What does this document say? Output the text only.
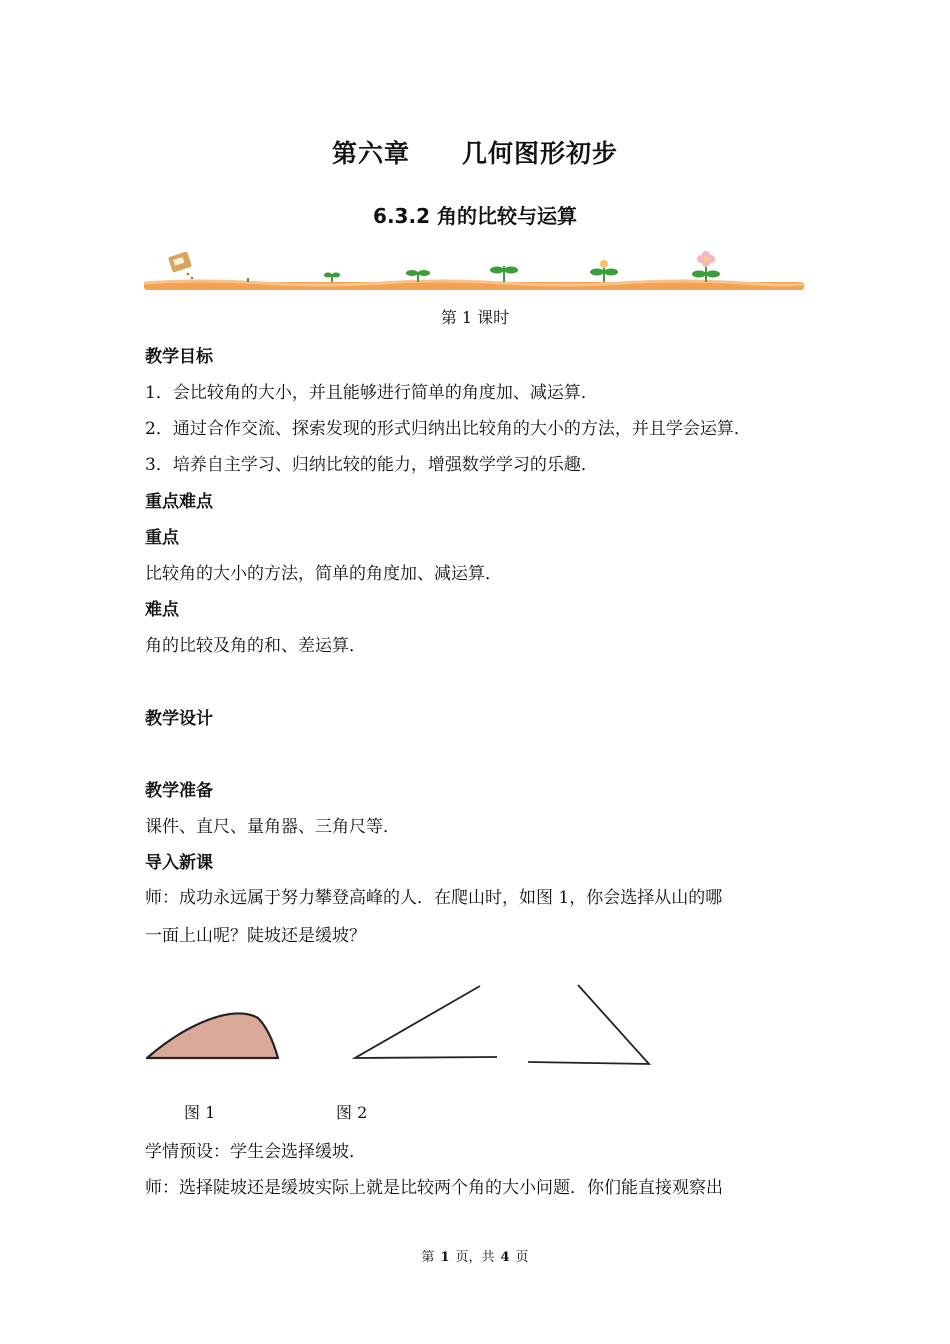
第六章 几何图形初步
6.3.2 角的比较与运算
第 1 课时
教学目标
1．会比较角的大小，并且能够进行简单的角度加、减运算．
2．通过合作交流、探索发现的形式归纳出比较角的大小的方法，并且学会运算．
3．培养自主学习、归纳比较的能力，增强数学学习的乐趣．
重点难点
重点
比较角的大小的方法，简单的角度加、减运算．
难点
角的比较及角的和、差运算．
教学设计
教学准备
课件、直尺、量角器、三角尺等．
导入新课
师：成功永远属于努力攀登高峰的人．在爬山时，如图 1，你会选择从山的哪
一面上山呢？陡坡还是缓坡？
图 1	图 2
学情预设：学生会选择缓坡．
师：选择陡坡还是缓坡实际上就是比较两个角的大小问题．你们能直接观察出
第 1 页，共 4 页
